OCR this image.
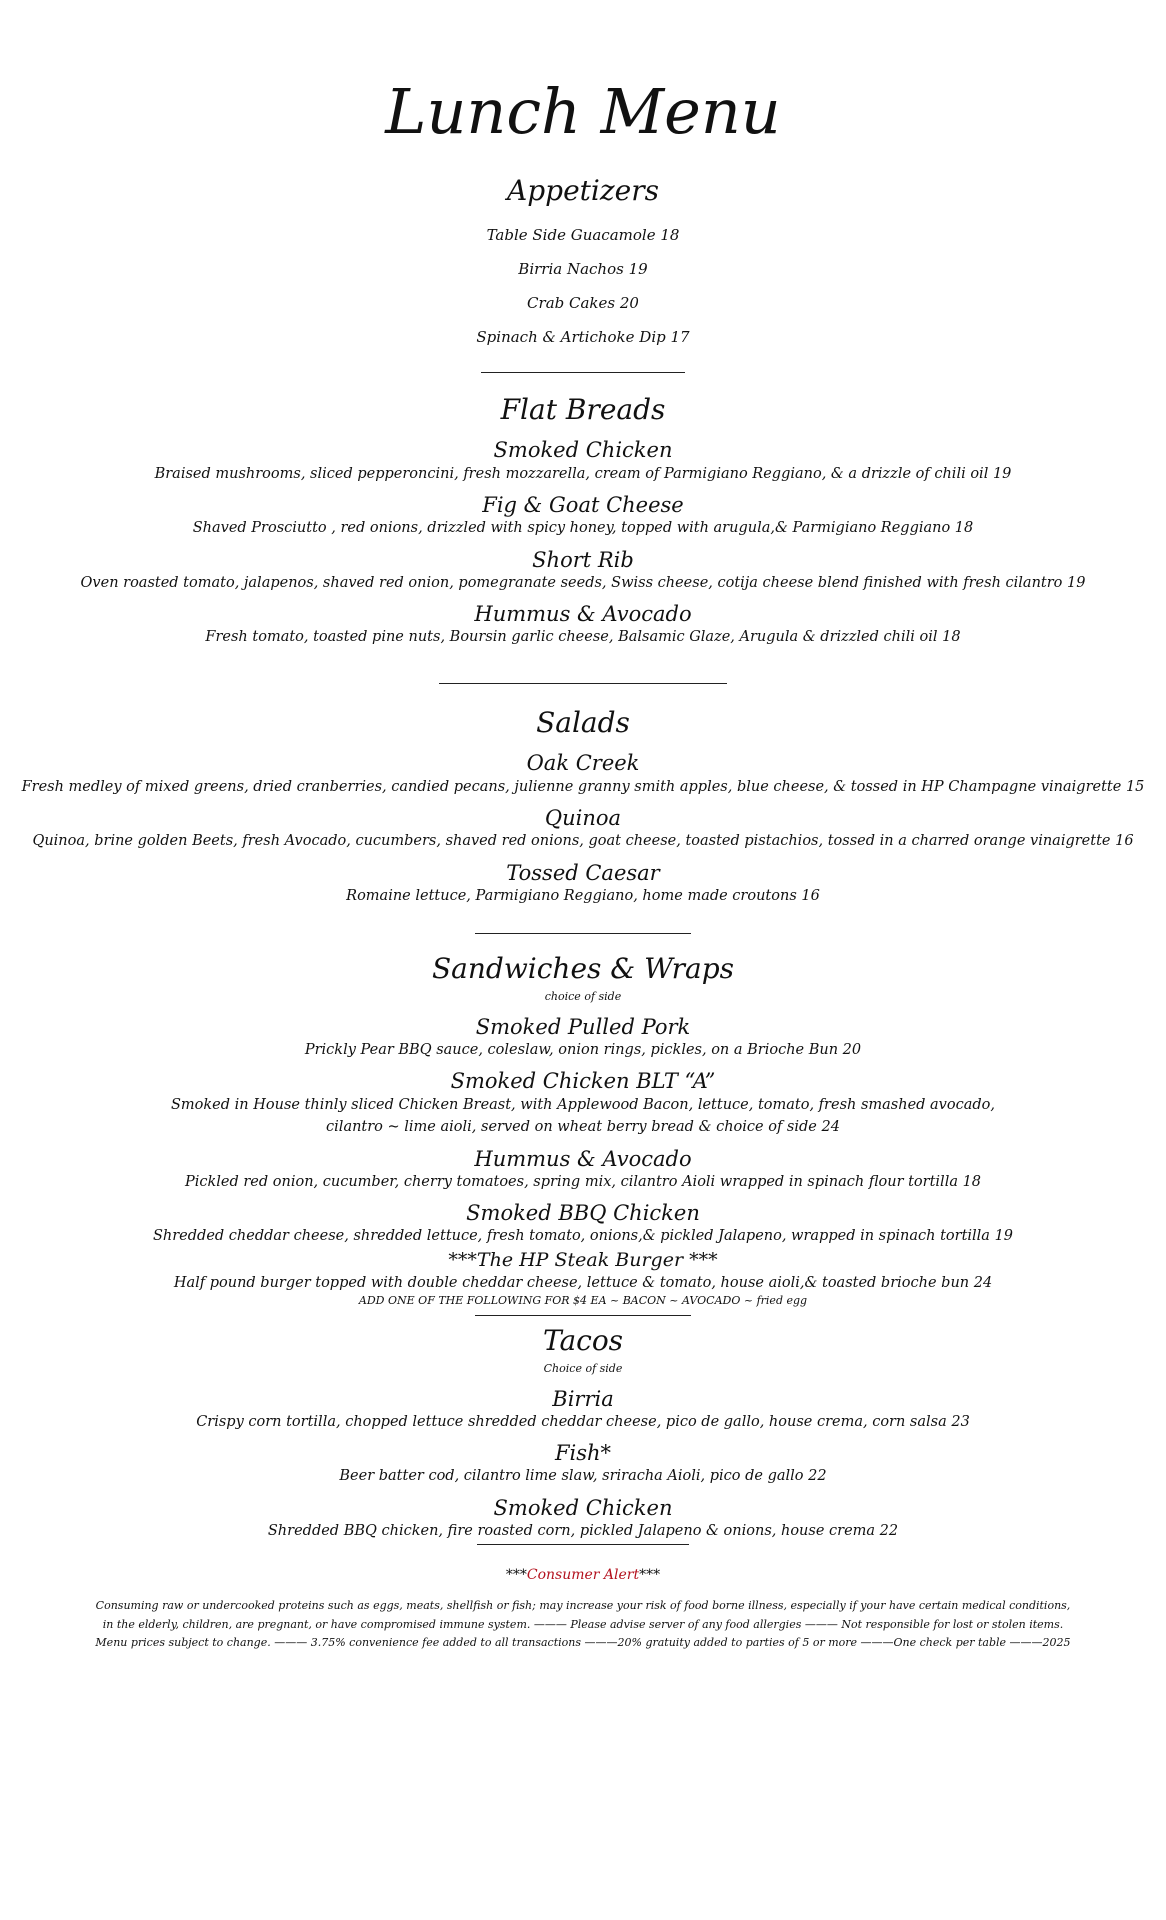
Lunch Menu
Appetizers
Table Side Guacamole 18
Birria Nachos 19
Crab Cakes 20
Spinach & Artichoke Dip 17
Flat Breads
Smoked Chicken
Braised mushrooms, sliced pepperoncini, fresh mozzarella, cream of Parmigiano Reggiano, & a drizzle of chili oil 19
Fig & Goat Cheese
Shaved Prosciutto , red onions, drizzled with spicy honey, topped with arugula,& Parmigiano Reggiano 18
Short Rib
Oven roasted tomato, jalapenos, shaved red onion, pomegranate seeds, Swiss cheese, cotija cheese blend finished with fresh cilantro 19
Hummus & Avocado
Fresh tomato, toasted pine nuts, Boursin garlic cheese, Balsamic Glaze, Arugula & drizzled chili oil 18
Salads
Oak Creek
Fresh medley of mixed greens, dried cranberries, candied pecans, julienne granny smith apples, blue cheese, & tossed in HP Champagne vinaigrette 15
Quinoa
Quinoa, brine golden Beets, fresh Avocado, cucumbers, shaved red onions, goat cheese, toasted pistachios, tossed in a charred orange vinaigrette 16
Tossed Caesar
Romaine lettuce, Parmigiano Reggiano, home made croutons 16
Sandwiches & Wraps
choice of side
Smoked Pulled Pork
Prickly Pear BBQ sauce, coleslaw, onion rings, pickles, on a Brioche Bun 20
Smoked Chicken BLT “A”
Smoked in House thinly sliced Chicken Breast, with Applewood Bacon, lettuce, tomato, fresh smashed avocado,
cilantro ~ lime aioli, served on wheat berry bread & choice of side 24
Hummus & Avocado
Pickled red onion, cucumber, cherry tomatoes, spring mix, cilantro Aioli wrapped in spinach flour tortilla 18
Smoked BBQ Chicken
Shredded cheddar cheese, shredded lettuce, fresh tomato, onions,& pickled Jalapeno, wrapped in spinach tortilla 19
***The HP Steak Burger ***
Half pound burger topped with double cheddar cheese, lettuce & tomato, house aioli,& toasted brioche bun 24
ADD ONE OF THE FOLLOWING FOR $4 EA ~ BACON ~ AVOCADO ~ fried egg
Tacos
Choice of side
Birria
Crispy corn tortilla, chopped lettuce shredded cheddar cheese, pico de gallo, house crema, corn salsa 23
Fish*
Beer batter cod, cilantro lime slaw, sriracha Aioli, pico de gallo 22
Smoked Chicken
Shredded BBQ chicken, fire roasted corn, pickled Jalapeno & onions, house crema 22
***Consumer Alert***
Consuming raw or undercooked proteins such as eggs, meats, shellfish or fish; may increase your risk of food borne illness, especially if your have certain medical conditions,
in the elderly, children, are pregnant, or have compromised immune system. ——— Please advise server of any food allergies ——— Not responsible for lost or stolen items.
Menu prices subject to change. ——— 3.75% convenience fee added to all transactions ———20% gratuity added to parties of 5 or more ———One check per table ———2025
